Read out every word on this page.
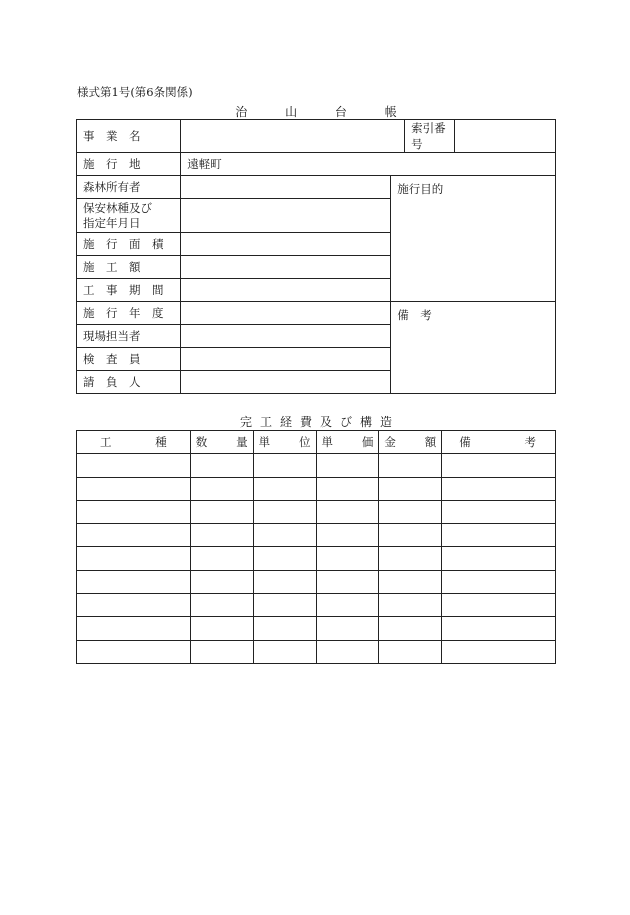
様式第1号(第6条関係)
治	山	台	帳
事　業　名			索引番号	
施　行　地	遠軽町			
森林所有者		施行目的		

保安林種及び
指定年月日				

施　行　面　積				
施　工　額				
工　事　期　間				
施　行　年　度		備　考		
現場担当者				
検　査　員				
請　負　人				
完 工 経 費 及 び 構 造
工 種	数 量	単 位	単 価	金 額	備 考
